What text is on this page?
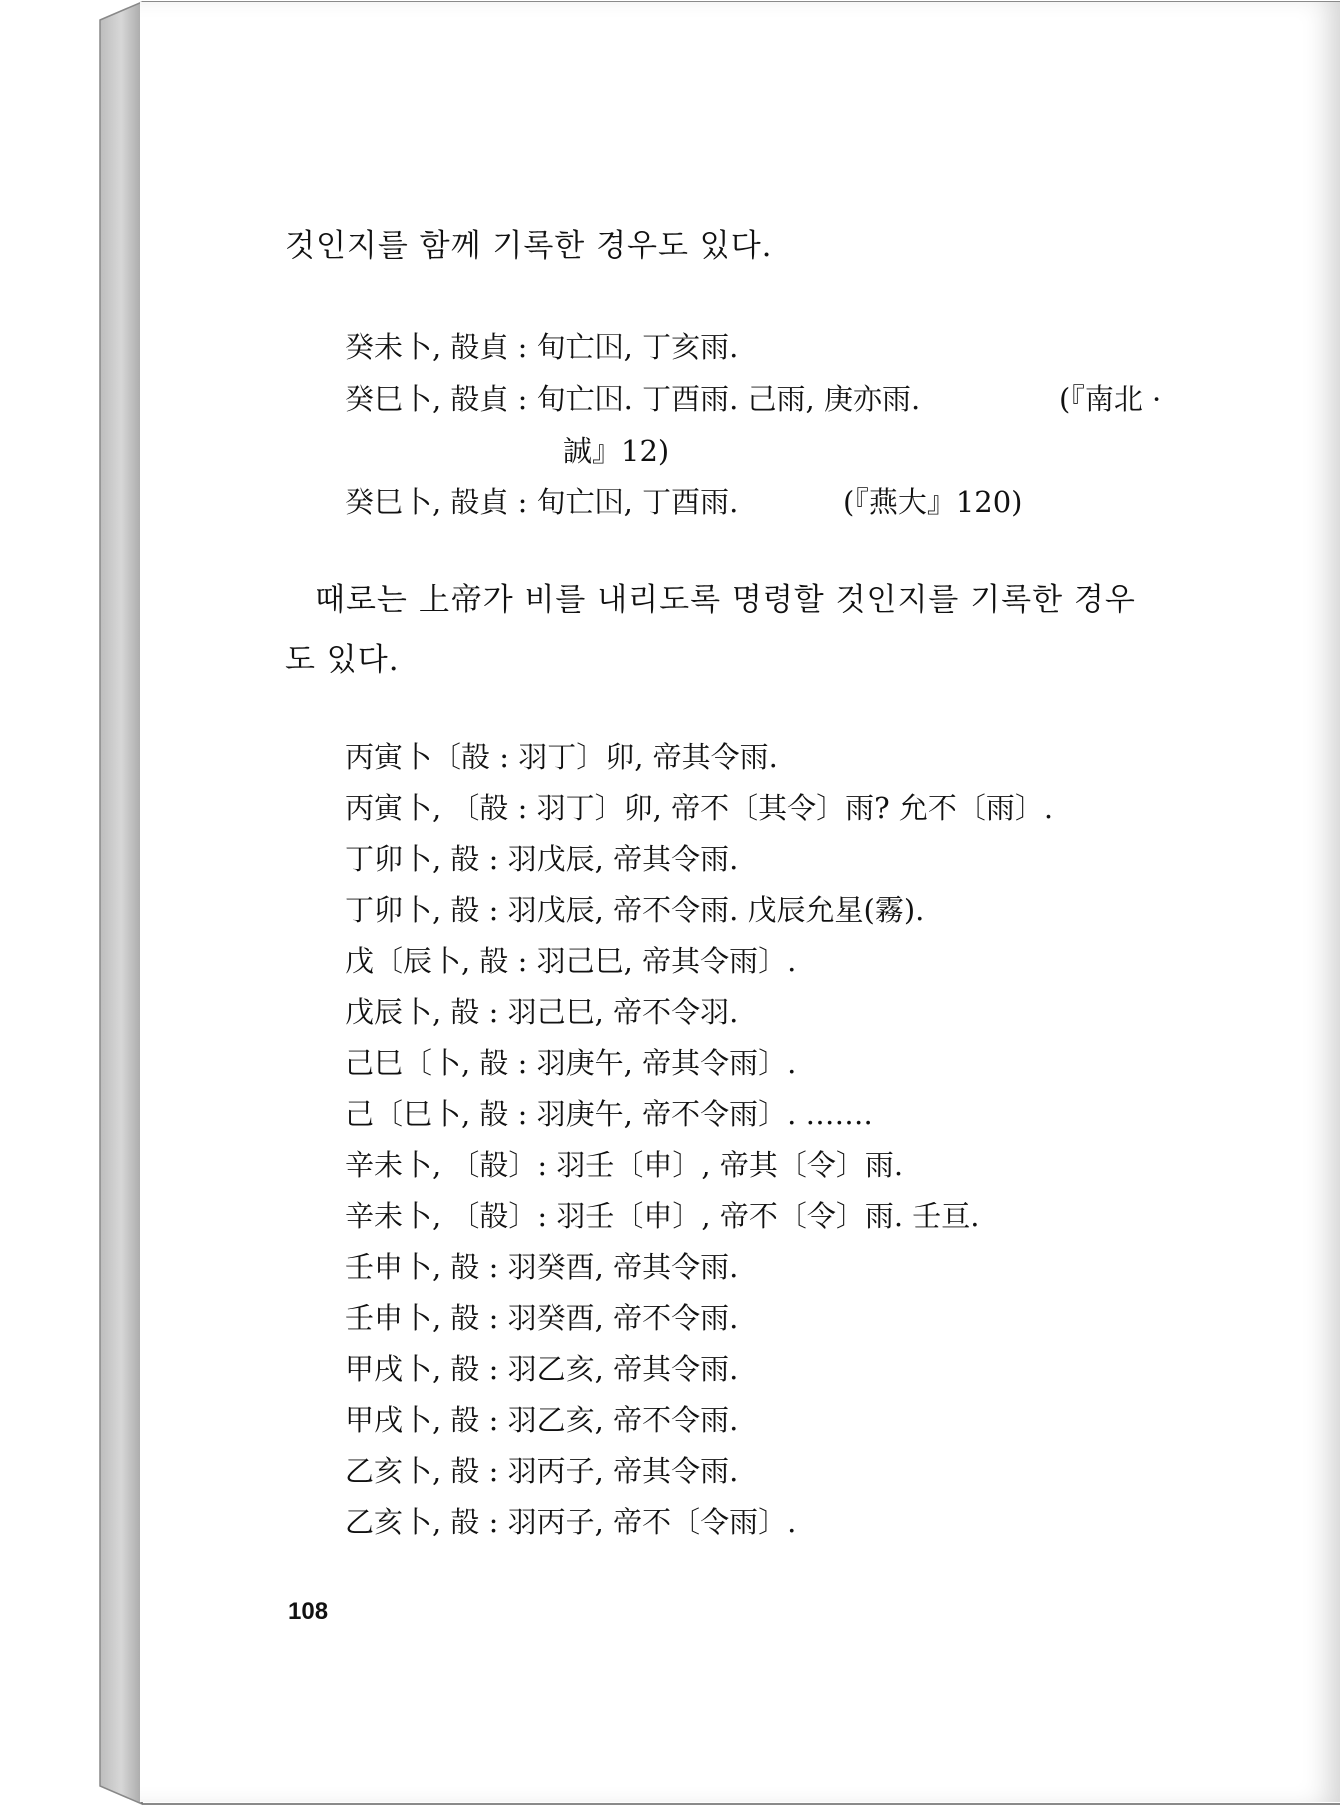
것인지를 함께 기록한 경우도 있다.
癸未卜, 㱿貞 : 旬亡𡆥, 丁亥雨.
癸巳卜, 㱿貞 : 旬亡𡆥. 丁酉雨. 己雨, 庚亦雨.	(『南北 ·
誠』12)
癸巳卜, 㱿貞 : 旬亡𡆥, 丁酉雨.	(『燕大』120)
때로는 上帝가 비를 내리도록 명령할 것인지를 기록한 경우
도 있다.
丙寅卜〔㱿 : 羽丁〕卯, 帝其令雨.
丙寅卜, 〔㱿 : 羽丁〕卯, 帝不〔其令〕雨? 允不〔雨〕.
丁卯卜, 㱿 : 羽戊辰, 帝其令雨.
丁卯卜, 㱿 : 羽戊辰, 帝不令雨. 戊辰允星(霧).
戊〔辰卜, 㱿 : 羽己巳, 帝其令雨〕.
戊辰卜, 㱿 : 羽己巳, 帝不令羽.
己巳〔卜, 㱿 : 羽庚午, 帝其令雨〕.
己〔巳卜, 㱿 : 羽庚午, 帝不令雨〕. …….
辛未卜, 〔㱿〕: 羽壬〔申〕, 帝其〔令〕雨.
辛未卜, 〔㱿〕: 羽壬〔申〕, 帝不〔令〕雨. 壬亘.
壬申卜, 㱿 : 羽癸酉, 帝其令雨.
壬申卜, 㱿 : 羽癸酉, 帝不令雨.
甲戌卜, 㱿 : 羽乙亥, 帝其令雨.
甲戌卜, 㱿 : 羽乙亥, 帝不令雨.
乙亥卜, 㱿 : 羽丙子, 帝其令雨.
乙亥卜, 㱿 : 羽丙子, 帝不〔令雨〕.
108
